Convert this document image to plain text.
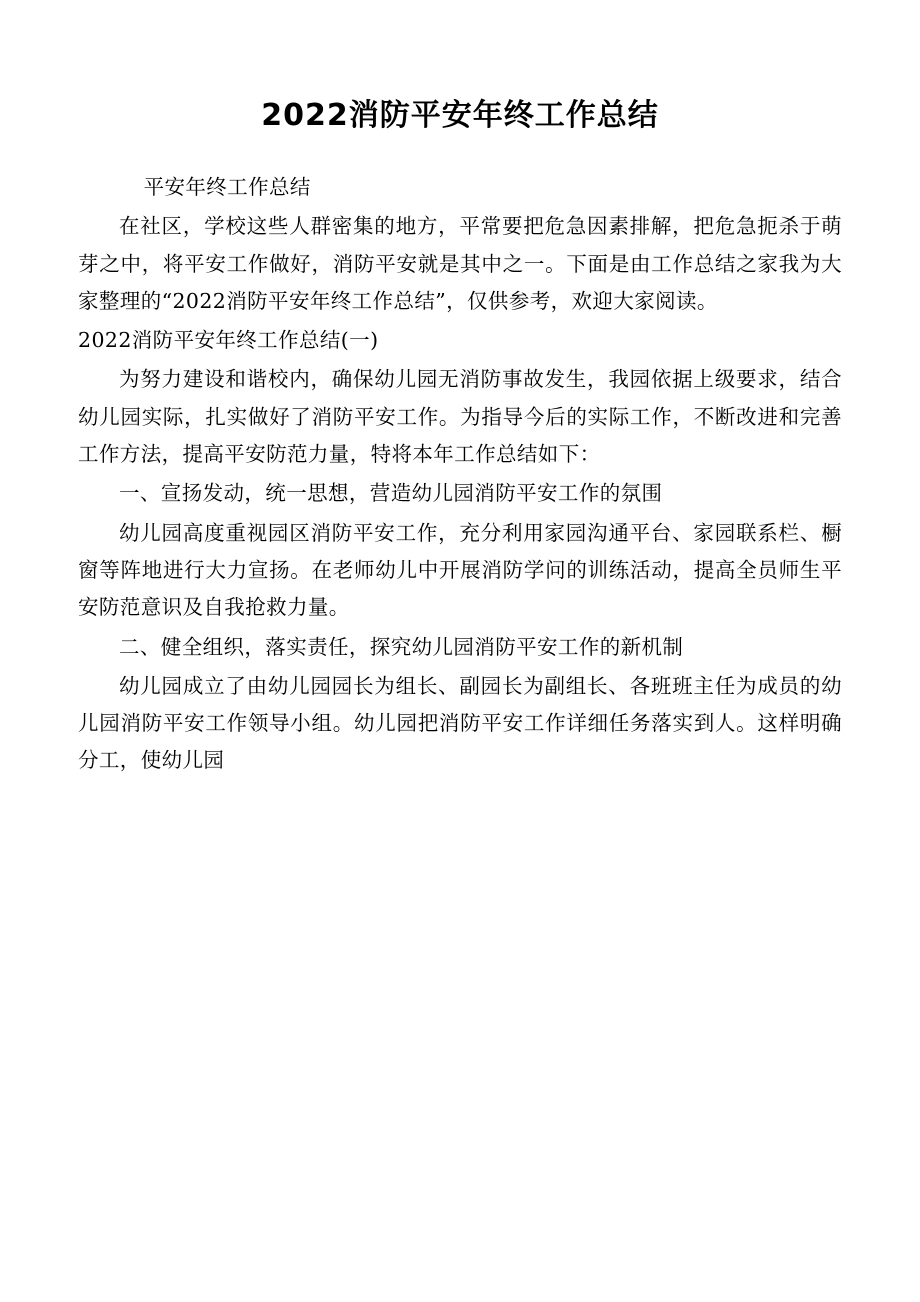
2022消防平安年终工作总结

平安年终工作总结

在社区，学校这些人群密集的地方，平常要把危急因素排解，把危急扼杀于萌芽之中，将平安工作做好，消防平安就是其中之一。下面是由工作总结之家我为大家整理的“2022消防平安年终工作总结”，仅供参考，欢迎大家阅读。

2022消防平安年终工作总结(一)

为努力建设和谐校内，确保幼儿园无消防事故发生，我园依据上级要求，结合幼儿园实际，扎实做好了消防平安工作。为指导今后的实际工作，不断改进和完善工作方法，提高平安防范力量，特将本年工作总结如下：

一、宣扬发动，统一思想，营造幼儿园消防平安工作的氛围

幼儿园高度重视园区消防平安工作，充分利用家园沟通平台、家园联系栏、橱窗等阵地进行大力宣扬。在老师幼儿中开展消防学问的训练活动，提高全员师生平安防范意识及自我抢救力量。

二、健全组织，落实责任，探究幼儿园消防平安工作的新机制

幼儿园成立了由幼儿园园长为组长、副园长为副组长、各班班主任为成员的幼儿园消防平安工作领导小组。幼儿园把消防平安工作详细任务落实到人。这样明确分工，使幼儿园
